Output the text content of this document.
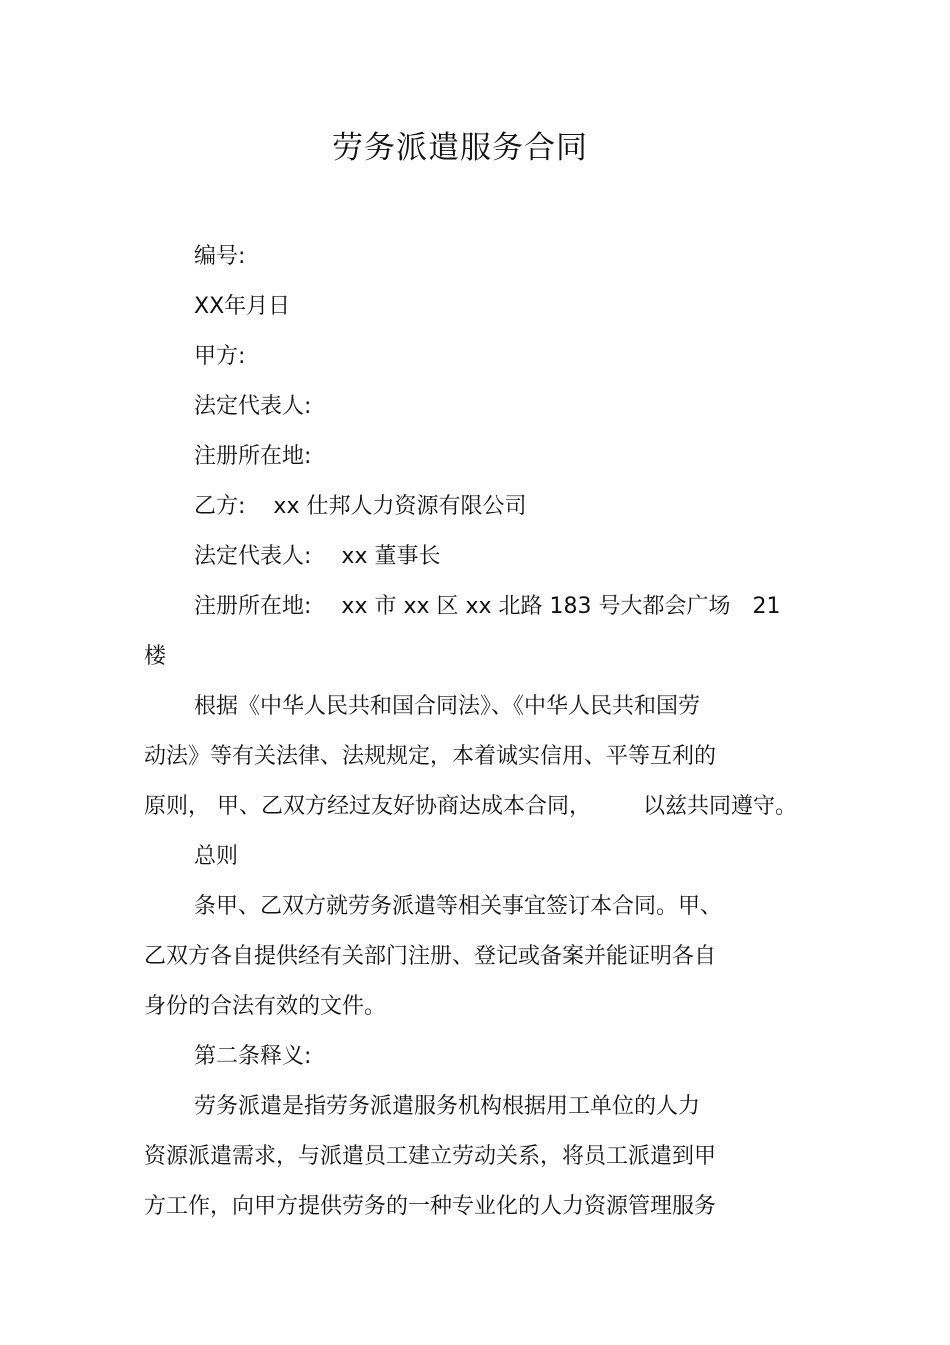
劳务派遣服务合同
编号:
XX年月日
甲方:
法定代表人:
注册所在地:
乙方: xx 仕邦人力资源有限公司
法定代表人: xx 董事长
注册所在地: xx 市 xx 区 xx 北路 183 号大都会广场 21
楼
根据《中华人民共和国合同法》、《中华人民共和国劳
动法》等有关法律、法规规定，本着诚实信用、平等互利的
原则， 甲、乙双方经过友好协商达成本合同， 以兹共同遵守。
总则
条甲、乙双方就劳务派遣等相关事宜签订本合同。甲、
乙双方各自提供经有关部门注册、登记或备案并能证明各自
身份的合法有效的文件。
第二条释义:
劳务派遣是指劳务派遣服务机构根据用工单位的人力
资源派遣需求，与派遣员工建立劳动关系，将员工派遣到甲
方工作，向甲方提供劳务的一种专业化的人力资源管理服务
